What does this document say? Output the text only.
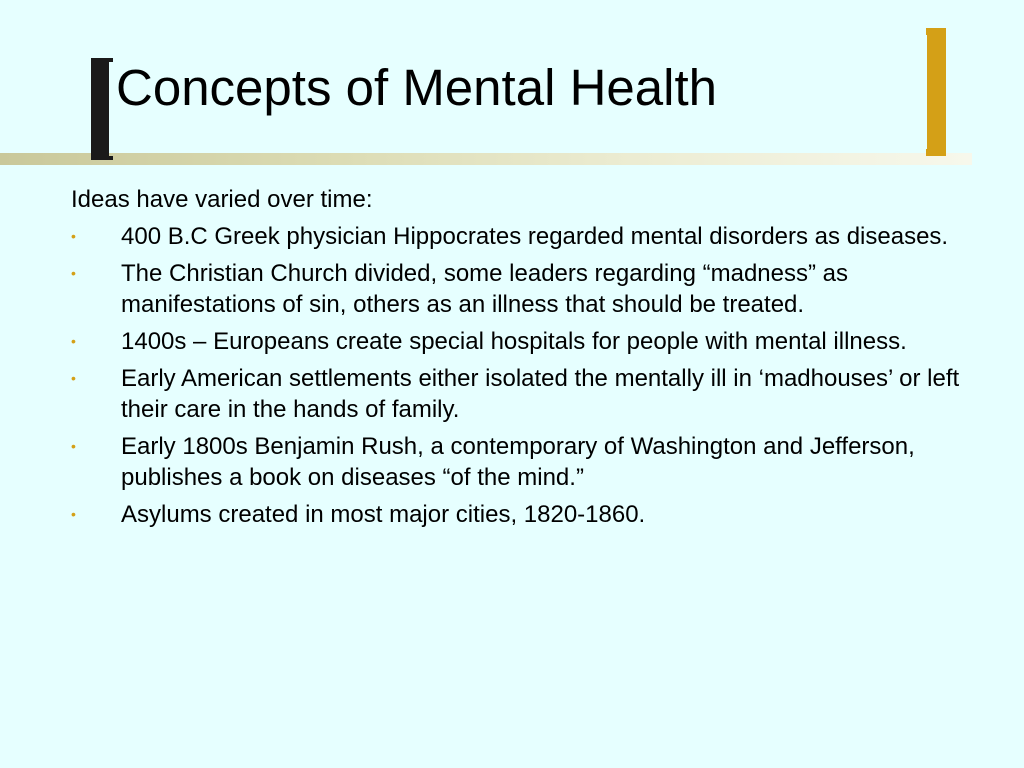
Concepts of Mental Health

Ideas have varied over time:

• 400 B.C Greek physician Hippocrates regarded mental disorders as diseases.
• The Christian Church divided, some leaders regarding “madness” as manifestations of sin, others as an illness that should be treated.
• 1400s – Europeans create special hospitals for people with mental illness.
• Early American settlements either isolated the mentally ill in ‘madhouses’ or left their care in the hands of family.
• Early 1800s Benjamin Rush, a contemporary of Washington and Jefferson, publishes a book on diseases “of the mind.”
• Asylums created in most major cities, 1820-1860.
